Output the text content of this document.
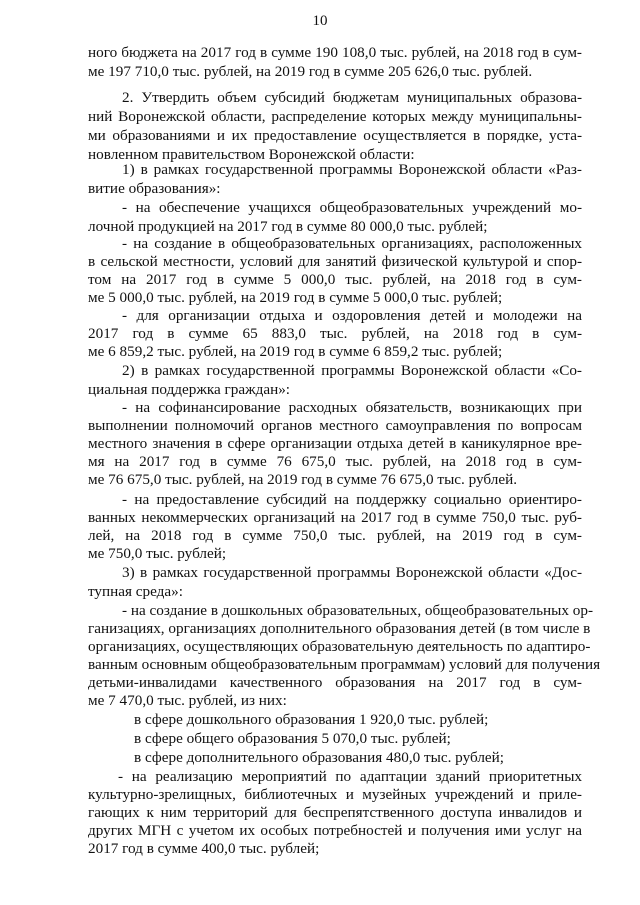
10
ного бюджета на 2017 год в сумме 190 108,0 тыс. рублей, на 2018 год в сум-
ме 197 710,0 тыс. рублей, на 2019 год в сумме 205 626,0 тыс. рублей.
2. Утвердить объем субсидий бюджетам муниципальных образова-
ний Воронежской области, распределение которых между муниципальны-
ми образованиями и их предоставление осуществляется в порядке, уста-
новленном правительством Воронежской области:
1) в рамках государственной программы Воронежской области «Раз-
витие образования»:
- на обеспечение учащихся общеобразовательных учреждений мо-
лочной продукцией на 2017 год в сумме 80 000,0 тыс. рублей;
- на создание в общеобразовательных организациях, расположенных
в сельской местности, условий для занятий физической культурой и спор-
том на 2017 год в сумме 5 000,0 тыс. рублей, на 2018 год в сум-
ме 5 000,0 тыс. рублей, на 2019 год в сумме 5 000,0 тыс. рублей;
- для организации отдыха и оздоровления детей и молодежи на
2017 год в сумме 65 883,0 тыс. рублей, на 2018 год в сум-
ме 6 859,2 тыс. рублей, на 2019 год в сумме 6 859,2 тыс. рублей;
2) в рамках государственной программы Воронежской области «Со-
циальная поддержка граждан»:
- на софинансирование расходных обязательств, возникающих при
выполнении полномочий органов местного самоуправления по вопросам
местного значения в сфере организации отдыха детей в каникулярное вре-
мя на 2017 год в сумме 76 675,0 тыс. рублей, на 2018 год в сум-
ме 76 675,0 тыс. рублей, на 2019 год в сумме 76 675,0 тыс. рублей.
- на предоставление субсидий на поддержку социально ориентиро-
ванных некоммерческих организаций на 2017 год в сумме 750,0 тыс. руб-
лей, на 2018 год в сумме 750,0 тыс. рублей, на 2019 год в сум-
ме 750,0 тыс. рублей;
3) в рамках государственной программы Воронежской области «Дос-
тупная среда»:
- на создание в дошкольных образовательных, общеобразовательных ор-
ганизациях, организациях дополнительного образования детей (в том числе в
организациях, осуществляющих образовательную деятельность по адаптиро-
ванным основным общеобразовательным программам) условий для получения
детьми-инвалидами качественного образования на 2017 год в сум-
ме 7 470,0 тыс. рублей, из них:
в сфере дошкольного образования 1 920,0 тыс. рублей;
в сфере общего образования 5 070,0 тыс. рублей;
в сфере дополнительного образования 480,0 тыс. рублей;
- на реализацию мероприятий по адаптации зданий приоритетных
культурно-зрелищных, библиотечных и музейных учреждений и приле-
гающих к ним территорий для беспрепятственного доступа инвалидов и
других МГН с учетом их особых потребностей и получения ими услуг на
2017 год в сумме 400,0 тыс. рублей;
